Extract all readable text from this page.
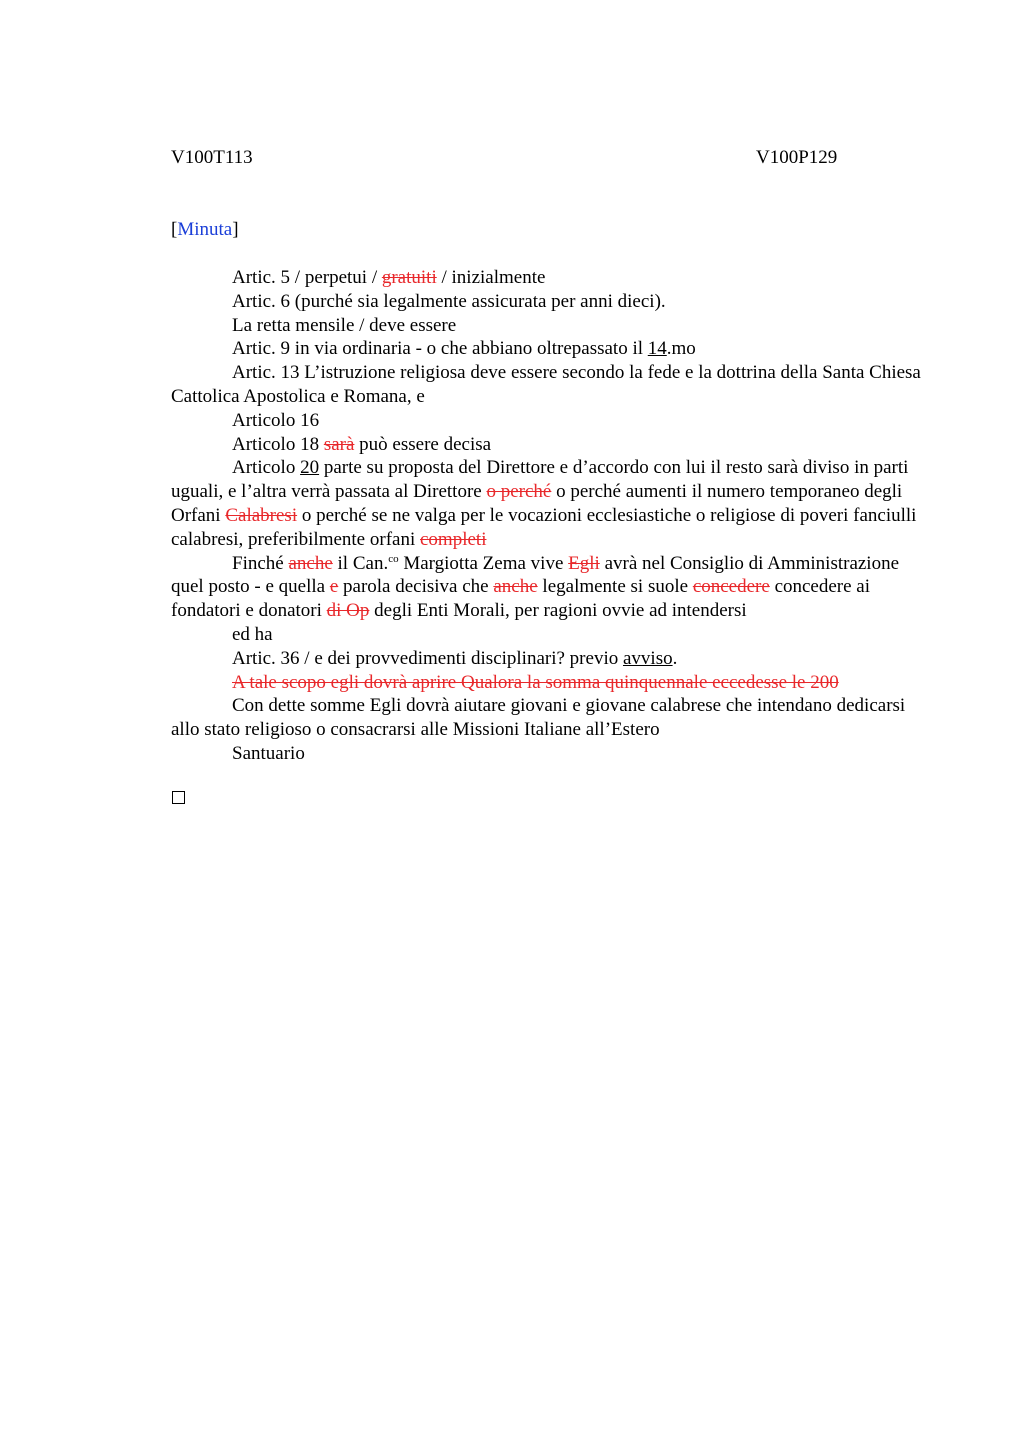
V100T113	V100P129
[Minuta]

Artic. 5 / perpetui / gratuiti / inizialmente

Artic. 6 (purché sia legalmente assicurata per anni dieci).

La retta mensile / deve essere

Artic. 9 in via ordinaria - o che abbiano oltrepassato il 14.mo

Artic. 13 L’istruzione religiosa deve essere secondo la fede e la dottrina della Santa Chiesa Cattolica Apostolica e Romana, e

Articolo 16

Articolo 18 sarà può essere decisa

Articolo 20 parte su proposta del Direttore e d’accordo con lui il resto sarà diviso in parti uguali, e l’altra verrà passata al Direttore o perché o perché aumenti il numero temporaneo degli Orfani Calabresi o perché se ne valga per le vocazioni ecclesiastiche o religiose di poveri fanciulli calabresi, preferibilmente orfani completi

Finché anche il Can.$^{co}$ Margiotta Zema vive Egli avrà nel Consiglio di Amministrazione quel posto - e quella e parola decisiva che anche legalmente si suole concedere concedere ai fondatori e donatori di Op degli Enti Morali, per ragioni ovvie ad intendersi

ed ha

Artic. 36 / e dei provvedimenti disciplinari? previo avviso.

A tale scopo egli dovrà aprire Qualora la somma quinquennale eccedesse le 200

Con dette somme Egli dovrà aiutare giovani e giovane calabrese che intendano dedicarsi allo stato religioso o consacrarsi alle Missioni Italiane all’Estero

Santuario
